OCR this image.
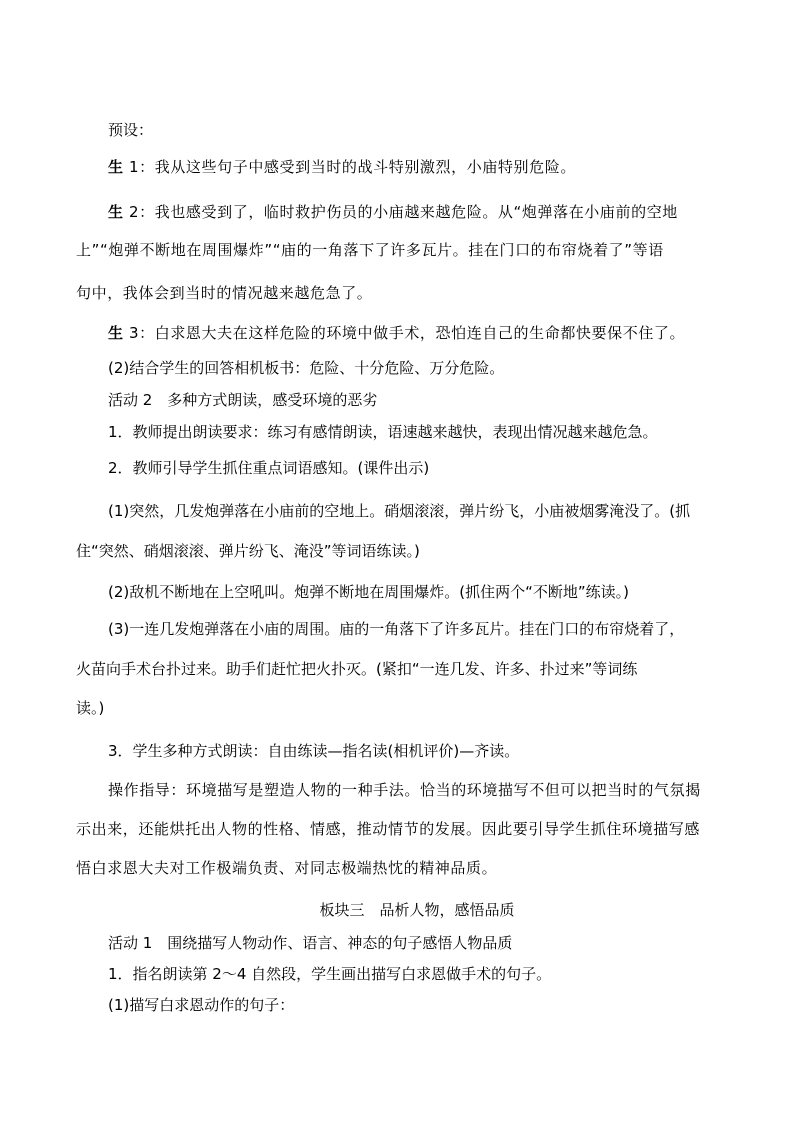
预设：
生 1：我从这些句子中感受到当时的战斗特别激烈，小庙特别危险。
生 2：我也感受到了，临时救护伤员的小庙越来越危险。从“炮弹落在小庙前的空地
上”“炮弹不断地在周围爆炸”“庙的一角落下了许多瓦片。挂在门口的布帘烧着了”等语
句中，我体会到当时的情况越来越危急了。
生 3：白求恩大夫在这样危险的环境中做手术，恐怕连自己的生命都快要保不住了。
(2)结合学生的回答相机板书：危险、十分危险、万分危险。
活动 2　多种方式朗读，感受环境的恶劣
1．教师提出朗读要求：练习有感情朗读，语速越来越快，表现出情况越来越危急。
2．教师引导学生抓住重点词语感知。(课件出示)
(1)突然，几发炮弹落在小庙前的空地上。硝烟滚滚，弹片纷飞，小庙被烟雾淹没了。(抓
住“突然、硝烟滚滚、弹片纷飞、淹没”等词语练读。)
(2)敌机不断地在上空吼叫。炮弹不断地在周围爆炸。(抓住两个“不断地”练读。)
(3)一连几发炮弹落在小庙的周围。庙的一角落下了许多瓦片。挂在门口的布帘烧着了，
火苗向手术台扑过来。助手们赶忙把火扑灭。(紧扣“一连几发、许多、扑过来”等词练
读。)
3．学生多种方式朗读：自由练读—指名读(相机评价)—齐读。
操作指导：环境描写是塑造人物的一种手法。恰当的环境描写不但可以把当时的气氛揭
示出来，还能烘托出人物的性格、情感，推动情节的发展。因此要引导学生抓住环境描写感
悟白求恩大夫对工作极端负责、对同志极端热忱的精神品质。
板块三　品析人物，感悟品质
活动 1　围绕描写人物动作、语言、神态的句子感悟人物品质
1．指名朗读第 2～4 自然段，学生画出描写白求恩做手术的句子。
(1)描写白求恩动作的句子：
